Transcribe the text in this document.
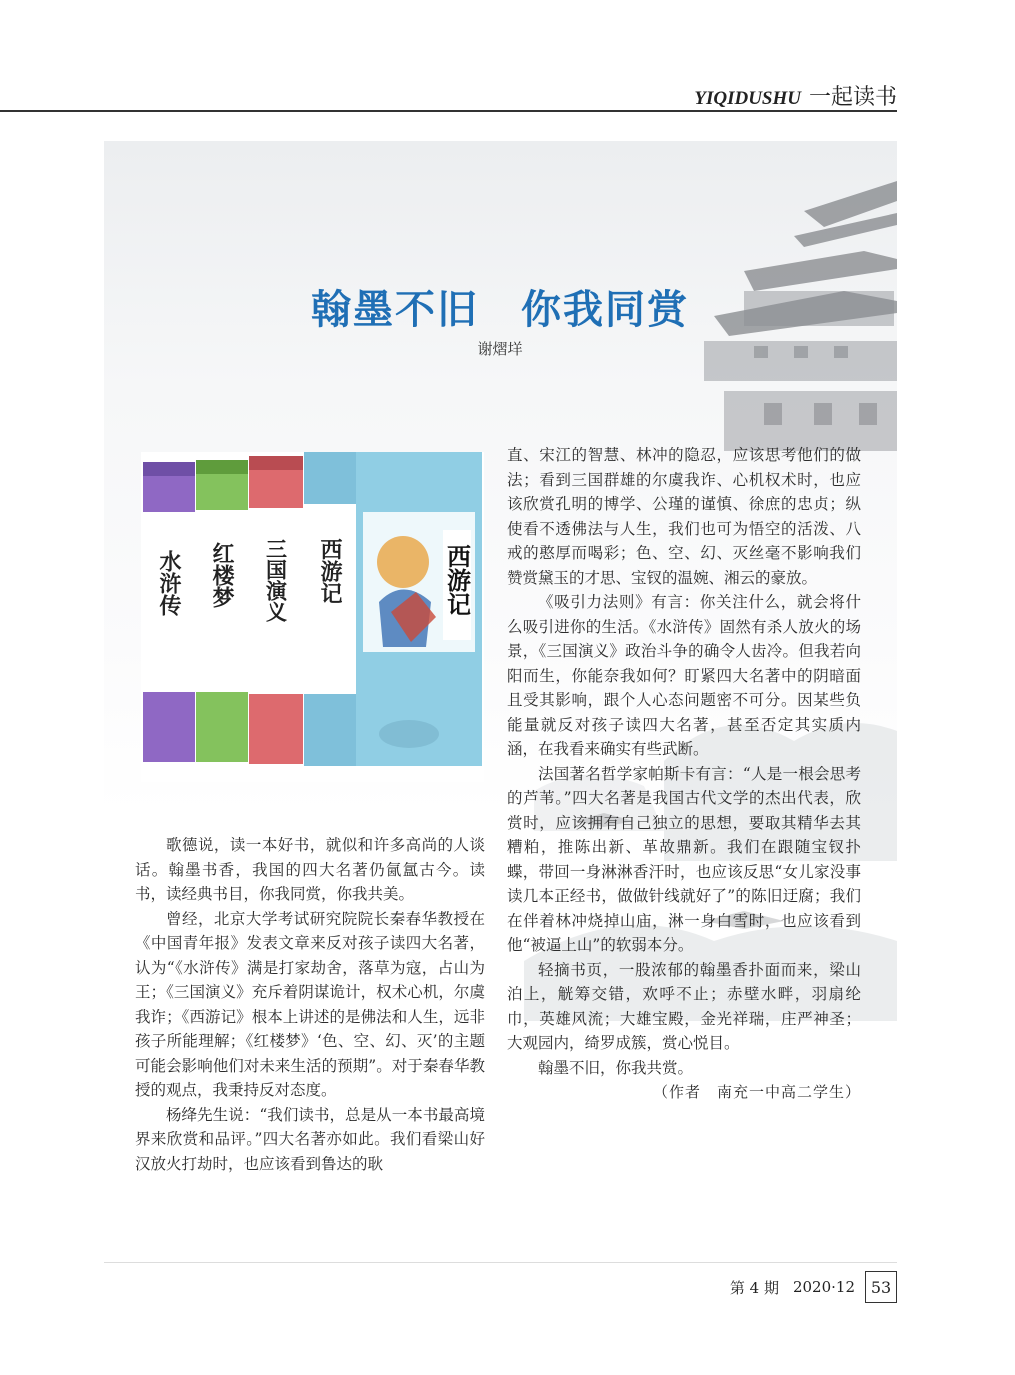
YIQIDUSHU 一起读书
翰墨不旧　你我同赏
谢熠垟
水浒传 红楼梦 三国演义 西游记	西游记

歌德说，读一本好书，就似和许多高尚的人谈话。翰墨书香，我国的四大名著仍氤氲古今。读书，读经典书目，你我同赏，你我共美。

曾经，北京大学考试研究院院长秦春华教授在《中国青年报》发表文章来反对孩子读四大名著，认为“《水浒传》满是打家劫舍，落草为寇，占山为王；《三国演义》充斥着阴谋诡计，权术心机，尔虞我诈；《西游记》根本上讲述的是佛法和人生，远非孩子所能理解；《红楼梦》‘色、空、幻、灭’的主题可能会影响他们对未来生活的预期”。对于秦春华教授的观点，我秉持反对态度。

杨绛先生说：“我们读书，总是从一本书最高境界来欣赏和品评。”四大名著亦如此。我们看梁山好汉放火打劫时，也应该看到鲁达的耿

直、宋江的智慧、林冲的隐忍，应该思考他们的做法；看到三国群雄的尔虞我诈、心机权术时，也应该欣赏孔明的博学、公瑾的谨慎、徐庶的忠贞；纵使看不透佛法与人生，我们也可为悟空的活泼、八戒的憨厚而喝彩；色、空、幻、灭丝毫不影响我们赞赏黛玉的才思、宝钗的温婉、湘云的豪放。

《吸引力法则》有言：你关注什么，就会将什么吸引进你的生活。《水浒传》固然有杀人放火的场景，《三国演义》政治斗争的确令人齿冷。但我若向阳而生，你能奈我如何？盯紧四大名著中的阴暗面且受其影响，跟个人心态问题密不可分。因某些负能量就反对孩子读四大名著，甚至否定其实质内涵，在我看来确实有些武断。

法国著名哲学家帕斯卡有言：“人是一根会思考的芦苇。”四大名著是我国古代文学的杰出代表，欣赏时，应该拥有自己独立的思想，要取其精华去其糟粕，推陈出新、革故鼎新。我们在跟随宝钗扑蝶，带回一身淋淋香汗时，也应该反思“女儿家没事读几本正经书，做做针线就好了”的陈旧迂腐；我们在伴着林冲烧掉山庙，淋一身白雪时，也应该看到他“被逼上山”的软弱本分。

轻摘书页，一股浓郁的翰墨香扑面而来，梁山泊上，觥筹交错，欢呼不止；赤壁水畔，羽扇纶巾，英雄风流；大雄宝殿，金光祥瑞，庄严神圣；大观园内，绮罗成簇，赏心悦目。

翰墨不旧，你我共赏。

（作者　南充一中高二学生）

第 4 期 2020·12 53
